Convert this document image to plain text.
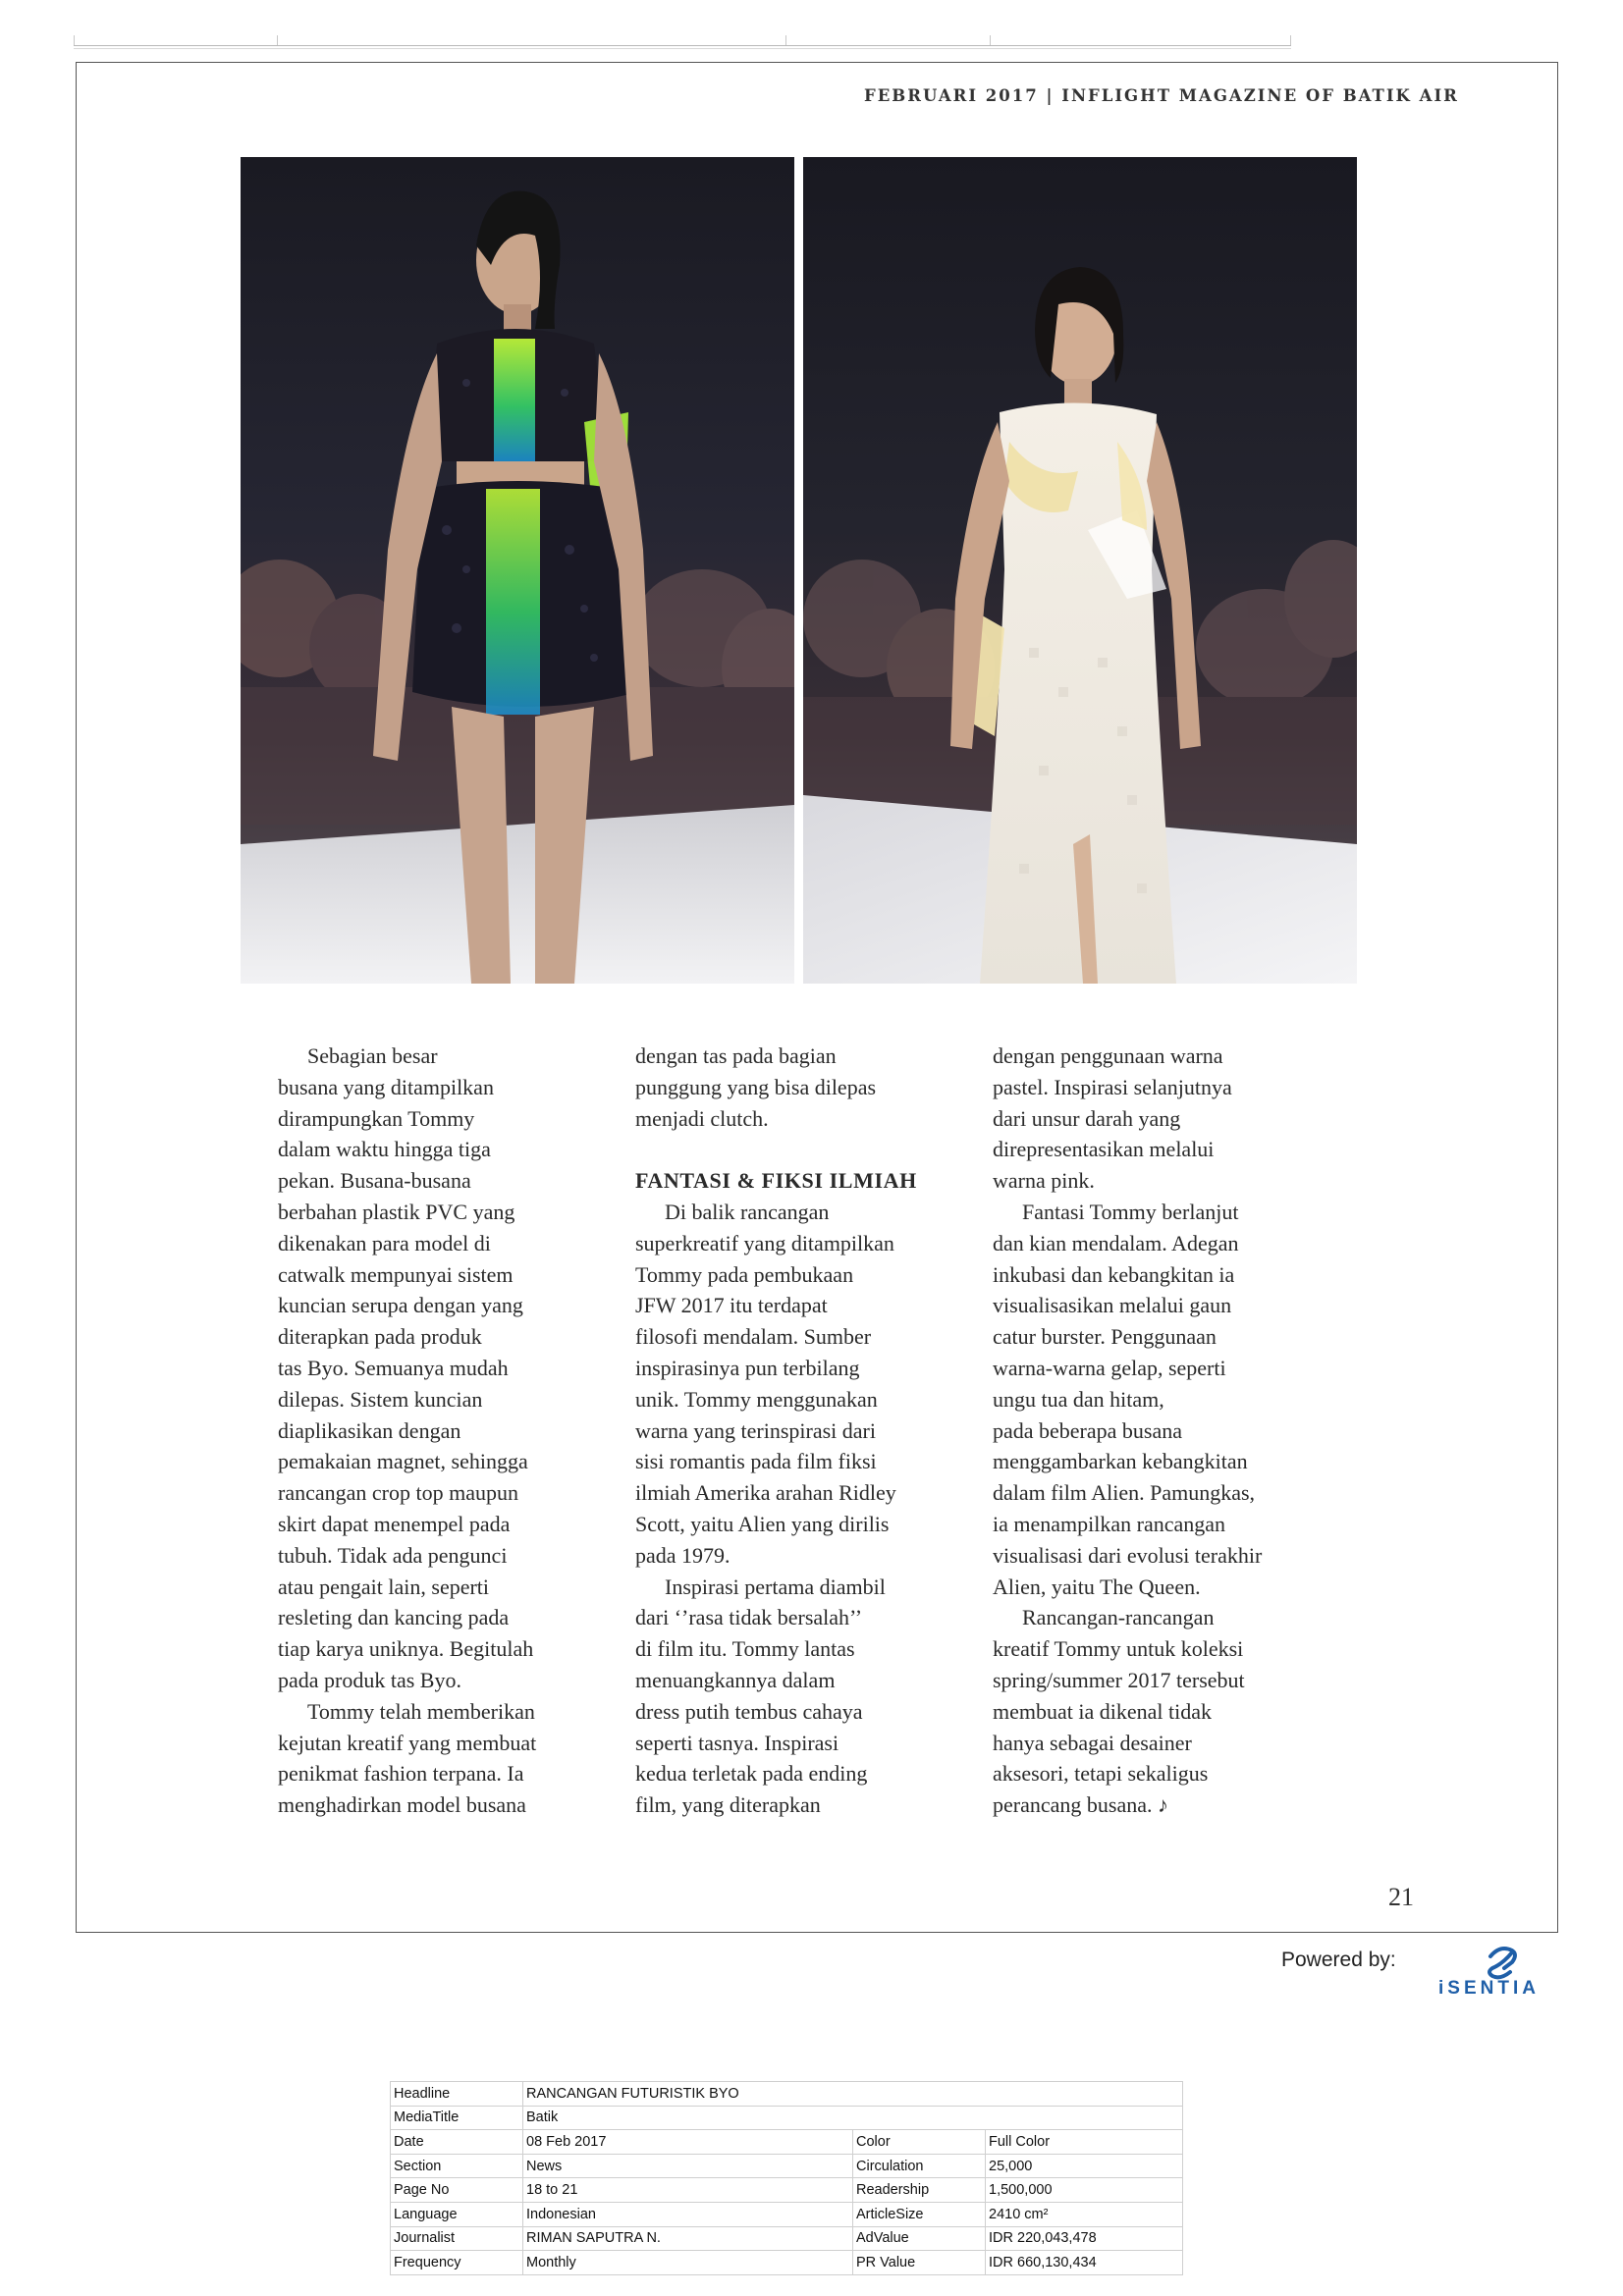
FEBRUARI 2017 | INFLIGHT MAGAZINE OF BATIK AIR

Sebagian besar
busana yang ditampilkan
dirampungkan Tommy
dalam waktu hingga tiga
pekan. Busana-busana
berbahan plastik PVC yang
dikenakan para model di
catwalk mempunyai sistem
kuncian serupa dengan yang
diterapkan pada produk
tas Byo. Semuanya mudah
dilepas. Sistem kuncian
diaplikasikan dengan
pemakaian magnet, sehingga
rancangan crop top maupun
skirt dapat menempel pada
tubuh. Tidak ada pengunci
atau pengait lain, seperti
resleting dan kancing pada
tiap karya uniknya. Begitulah
pada produk tas Byo.

Tommy telah memberikan
kejutan kreatif yang membuat
penikmat fashion terpana. Ia
menghadirkan model busana

dengan tas pada bagian
punggung yang bisa dilepas
menjadi clutch.

FANTASI & FIKSI ILMIAH

Di balik rancangan
superkreatif yang ditampilkan
Tommy pada pembukaan
JFW 2017 itu terdapat
filosofi mendalam. Sumber
inspirasinya pun terbilang
unik. Tommy menggunakan
warna yang terinspirasi dari
sisi romantis pada film fiksi
ilmiah Amerika arahan Ridley
Scott, yaitu Alien yang dirilis
pada 1979.

Inspirasi pertama diambil
dari ‘’rasa tidak bersalah’’
di film itu. Tommy lantas
menuangkannya dalam
dress putih tembus cahaya
seperti tasnya. Inspirasi
kedua terletak pada ending
film, yang diterapkan

dengan penggunaan warna
pastel. Inspirasi selanjutnya
dari unsur darah yang
direpresentasikan melalui
warna pink.

Fantasi Tommy berlanjut
dan kian mendalam. Adegan
inkubasi dan kebangkitan ia
visualisasikan melalui gaun
catur burster. Penggunaan
warna-warna gelap, seperti
ungu tua dan hitam,
pada beberapa busana
menggambarkan kebangkitan
dalam film Alien. Pamungkas,
ia menampilkan rancangan
visualisasi dari evolusi terakhir
Alien, yaitu The Queen.

Rancangan-rancangan
kreatif Tommy untuk koleksi
spring/summer 2017 tersebut
membuat ia dikenal tidak
hanya sebagai desainer
aksesori, tetapi sekaligus
perancang busana. ♪

21
Powered by:
iSENTIA
Headline	RANCANGAN FUTURISTIK BYO		
MediaTitle	Batik		
Date	08 Feb 2017	Color	Full Color
Section	News	Circulation	25,000
Page No	18 to 21	Readership	1,500,000
Language	Indonesian	ArticleSize	2410 cm²
Journalist	RIMAN SAPUTRA N.	AdValue	IDR 220,043,478
Frequency	Monthly	PR Value	IDR 660,130,434
